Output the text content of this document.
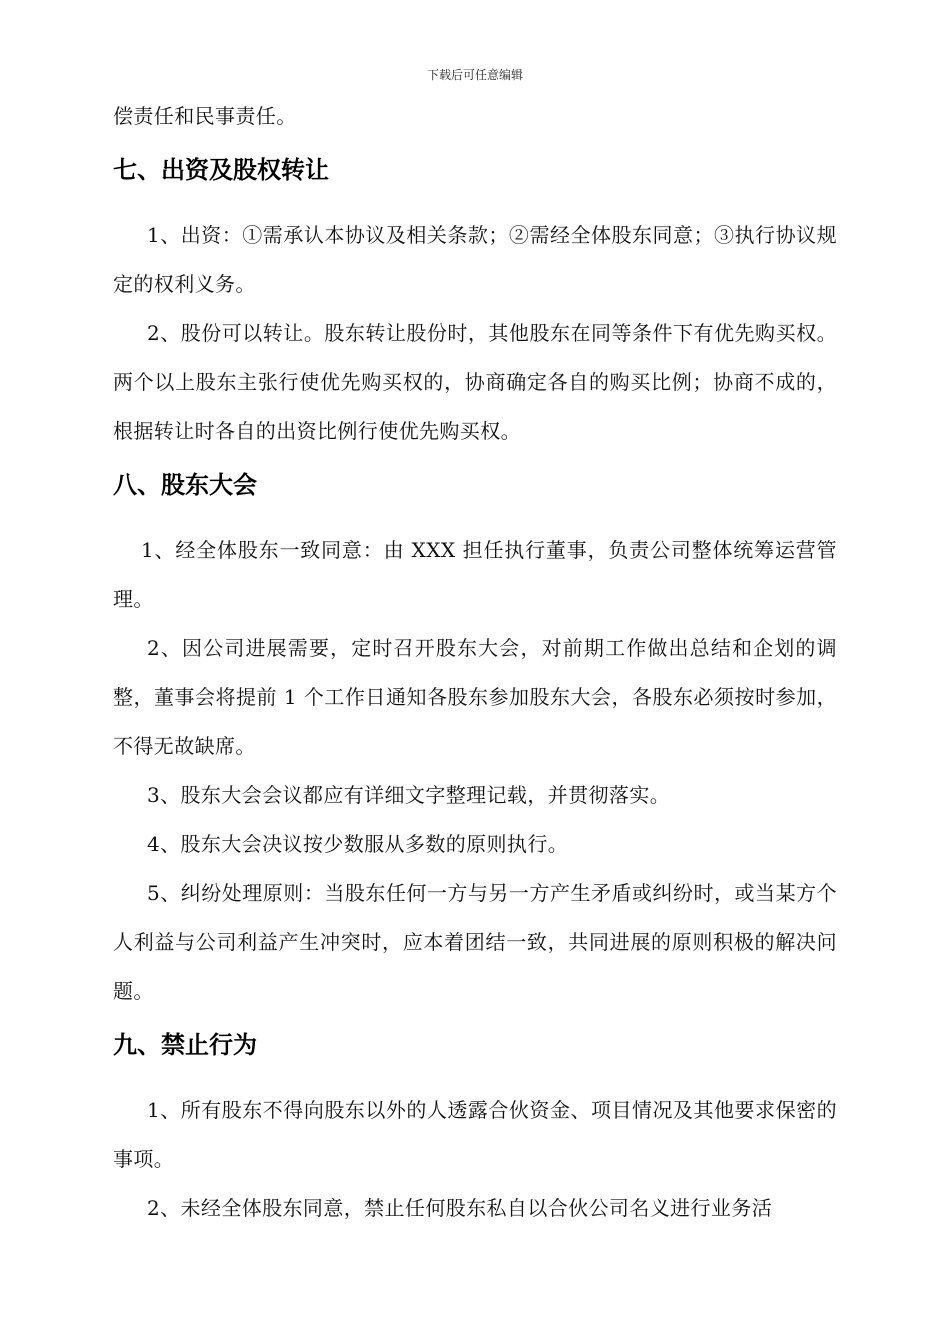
下载后可任意编辑

偿责任和民事责任。

七、出资及股权转让

1、出资：①需承认本协议及相关条款；②需经全体股东同意；③执行协议规定的权利义务。

2、股份可以转让。股东转让股份时，其他股东在同等条件下有优先购买权。两个以上股东主张行使优先购买权的，协商确定各自的购买比例；协商不成的，根据转让时各自的出资比例行使优先购买权。

八、股东大会

1、经全体股东一致同意：由 XXX 担任执行董事，负责公司整体统筹运营管理。

2、因公司进展需要，定时召开股东大会，对前期工作做出总结和企划的调整，董事会将提前 1 个工作日通知各股东参加股东大会，各股东必须按时参加，不得无故缺席。

3、股东大会会议都应有详细文字整理记载，并贯彻落实。

4、股东大会决议按少数服从多数的原则执行。

5、纠纷处理原则：当股东任何一方与另一方产生矛盾或纠纷时，或当某方个人利益与公司利益产生冲突时，应本着团结一致，共同进展的原则积极的解决问题。

九、禁止行为

1、所有股东不得向股东以外的人透露合伙资金、项目情况及其他要求保密的事项。

2、未经全体股东同意，禁止任何股东私自以合伙公司名义进行业务活
